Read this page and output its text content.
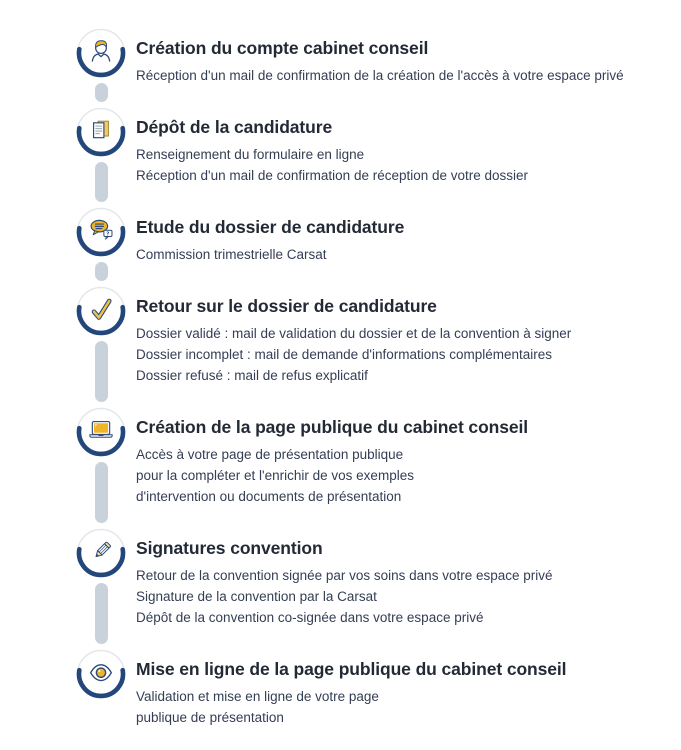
Création du compte cabinet conseil
Réception d'un mail de confirmation de la création de l'accès à votre espace privé
Dépôt de la candidature
Renseignement du formulaire en ligne
Réception d'un mail de confirmation de réception de votre dossier
? Etude du dossier de candidature
Commission trimestrielle Carsat
Retour sur le dossier de candidature
Dossier validé : mail de validation du dossier et de la convention à signer
Dossier incomplet : mail de demande d'informations complémentaires
Dossier refusé : mail de refus explicatif
Création de la page publique du cabinet conseil
Accès à votre page de présentation publique
pour la compléter et l'enrichir de vos exemples
d'intervention ou documents de présentation
Signatures convention
Retour de la convention signée par vos soins dans votre espace privé
Signature de la convention par la Carsat
Dépôt de la convention co-signée dans votre espace privé
Mise en ligne de la page publique du cabinet conseil
Validation et mise en ligne de votre page
publique de présentation
